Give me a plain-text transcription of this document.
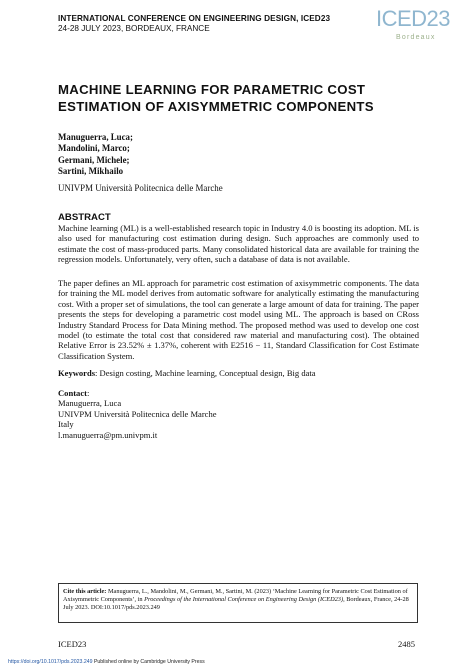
INTERNATIONAL CONFERENCE ON ENGINEERING DESIGN, ICED23
24-28 JULY 2023, BORDEAUX, FRANCE	ICED23
Bordeaux
MACHINE LEARNING FOR PARAMETRIC COST
ESTIMATION OF AXISYMMETRIC COMPONENTS
Manuguerra, Luca;
Mandolini, Marco;
Germani, Michele;
Sartini, Mikhailo
UNIVPM Università Politecnica delle Marche
ABSTRACT
Machine learning (ML) is a well-established research topic in Industry 4.0 is boosting its adoption. ML is also used for manufacturing cost estimation during design. Such approaches are commonly used to estimate the cost of mass-produced parts. Many consolidated historical data are available for training the regression models. Unfortunately, very often, such a database of data is not available.
The paper defines an ML approach for parametric cost estimation of axisymmetric components. The data for training the ML model derives from automatic software for analytically estimating the manufacturing cost. With a proper set of simulations, the tool can generate a large amount of data for training. The paper presents the steps for developing a parametric cost model using ML. The approach is based on CRoss Industry Standard Process for Data Mining method. The proposed method was used to develop one cost model (to estimate the total cost that considered raw material and manufacturing cost). The obtained Relative Error is 23.52% ± 1.37%, coherent with E2516 − 11, Standard Classification for Cost Estimate Classification System.
Keywords: Design costing, Machine learning, Conceptual design, Big data
Contact:
Manuguerra, Luca
UNIVPM Università Politecnica delle Marche
Italy
l.manuguerra@pm.univpm.it
Cite this article: Manuguerra, L., Mandolini, M., Germani, M., Sartini, M. (2023) ‘Machine Learning for Parametric Cost Estimation of Axisymmetric Components’, in Proceedings of the International Conference on Engineering Design (ICED23), Bordeaux, France, 24-28 July 2023. DOI:10.1017/pds.2023.249
ICED23	2485
https://doi.org/10.1017/pds.2023.249 Published online by Cambridge University Press
